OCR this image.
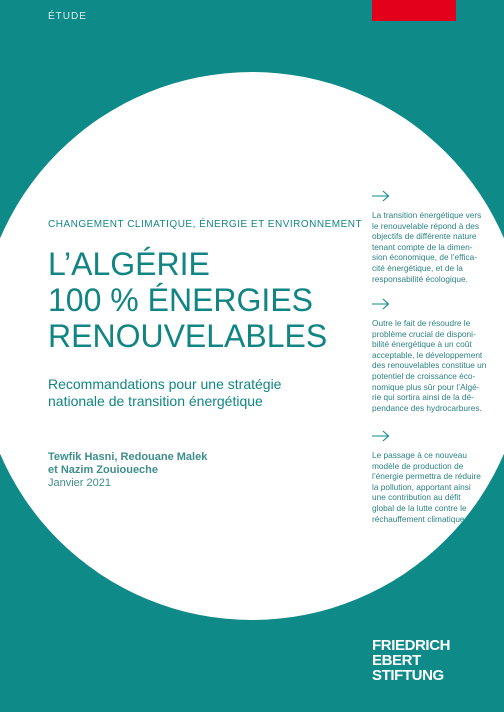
ÉTUDE
CHANGEMENT CLIMATIQUE, ÉNERGIE ET ENVIRONNEMENT
L’ALGÉRIE
100 % ÉNERGIES
RENOUVELABLES

Recommandations pour une stratégie
nationale de transition énergétique

Tewfik Hasni, Redouane Malek
et Nazim Zouioueche
Janvier 2021

La transition énergétique vers
le renouvelable répond à des
objectifs de différente nature
tenant compte de la dimen-
sion économique, de l’effica-
cité énergétique, et de la
responsabilité écologique.

Outre le fait de résoudre le
problème crucial de disponi-
bilité énergétique à un coût
acceptable, le développement
des renouvelables constitue un
potentiel de croissance éco-
nomique plus sûr pour l’Algé-
rie qui sortira ainsi de la dé-
pendance des hydrocarbures.

Le passage à ce nouveau
modèle de production de
l’énergie permettra de réduire
la pollution, apportant ainsi
une contribution au défit
global de la lutte contre le
réchauffement climatique.

FRIEDRICH
EBERT
STIFTUNG
